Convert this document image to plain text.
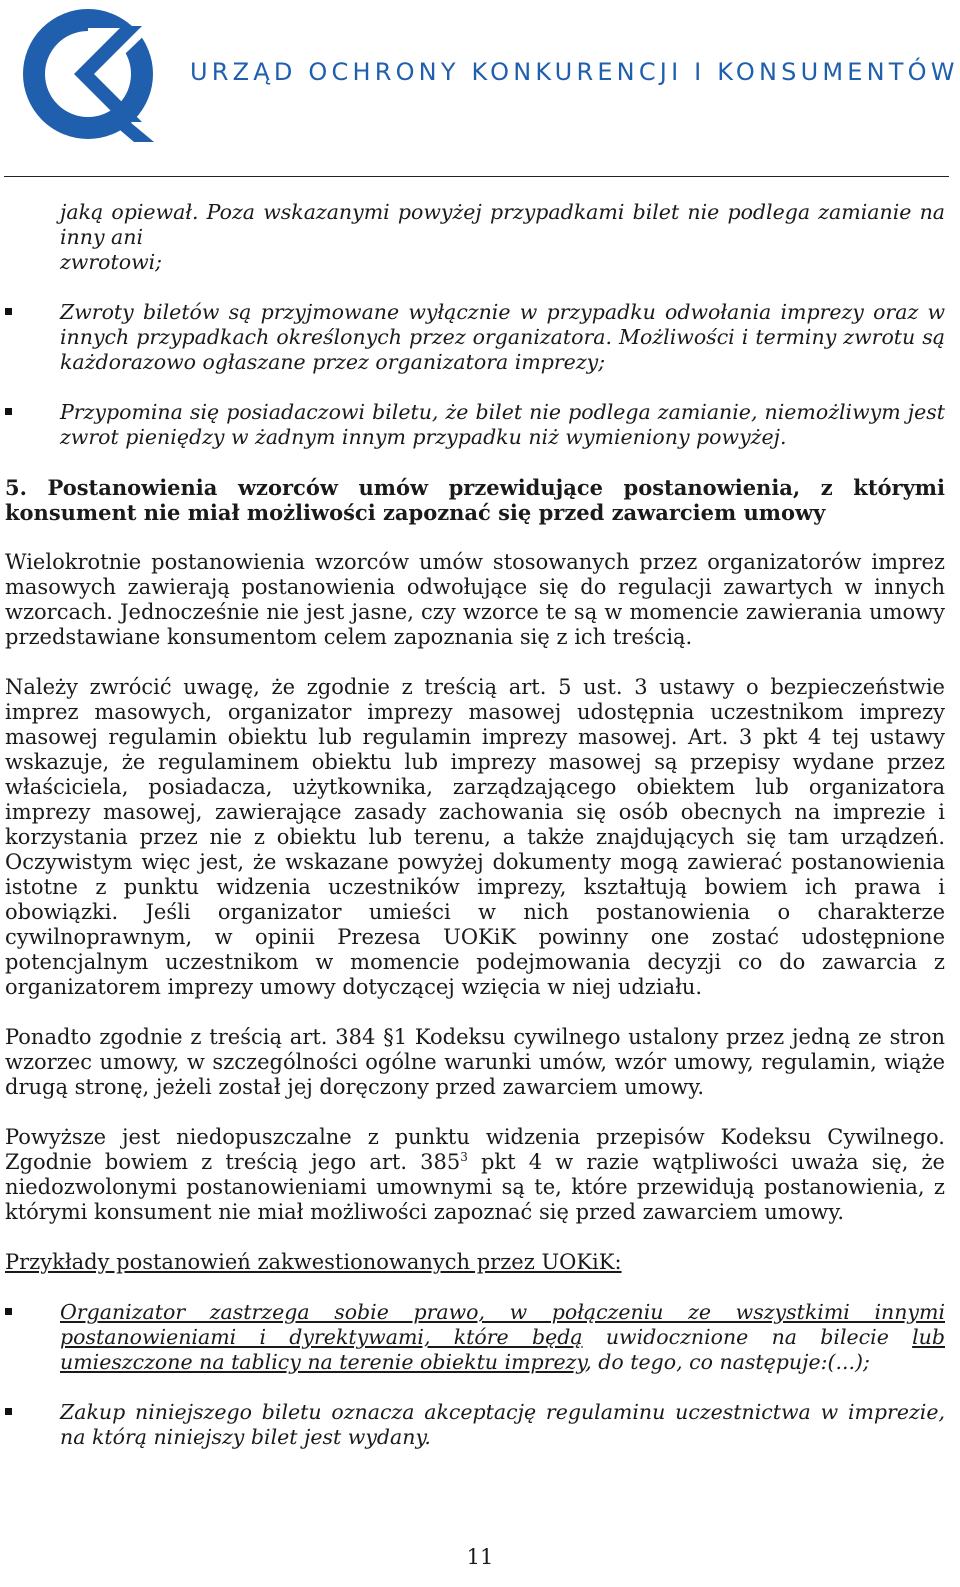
URZĄD OCHRONY KONKURENCJI I KONSUMENTÓW

jaką opiewał. Poza wskazanymi powyżej przypadkami bilet nie podlega zamianie na inny ani
zwrotowi;

Zwroty biletów są przyjmowane wyłącznie w przypadku odwołania imprezy oraz w innych przypadkach określonych przez organizatora. Możliwości i terminy zwrotu są każdorazowo ogłaszane przez organizatora imprezy;

Przypomina się posiadaczowi biletu, że bilet nie podlega zamianie, niemożliwym jest zwrot pieniędzy w żadnym innym przypadku niż wymieniony powyżej.

5. Postanowienia wzorców umów przewidujące postanowienia, z którymi konsument nie miał możliwości zapoznać się przed zawarciem umowy

Wielokrotnie postanowienia wzorców umów stosowanych przez organizatorów imprez masowych zawierają postanowienia odwołujące się do regulacji zawartych w innych wzorcach. Jednocześnie nie jest jasne, czy wzorce te są w momencie zawierania umowy przedstawiane konsumentom celem zapoznania się z ich treścią.

Należy zwrócić uwagę, że zgodnie z treścią art. 5 ust. 3 ustawy o bezpieczeństwie imprez masowych, organizator imprezy masowej udostępnia uczestnikom imprezy masowej regulamin obiektu lub regulamin imprezy masowej. Art. 3 pkt 4 tej ustawy wskazuje, że regulaminem obiektu lub imprezy masowej są przepisy wydane przez właściciela, posiadacza, użytkownika, zarządzającego obiektem lub organizatora imprezy masowej, zawierające zasady zachowania się osób obecnych na imprezie i korzystania przez nie z obiektu lub terenu, a także znajdujących się tam urządzeń. Oczywistym więc jest, że wskazane powyżej dokumenty mogą zawierać postanowienia istotne z punktu widzenia uczestników imprezy, kształtują bowiem ich prawa i obowiązki. Jeśli organizator umieści w nich postanowienia o charakterze cywilnoprawnym, w opinii Prezesa UOKiK powinny one zostać udostępnione potencjalnym uczestnikom w momencie podejmowania decyzji co do zawarcia z organizatorem imprezy umowy dotyczącej wzięcia w niej udziału.

Ponadto zgodnie z treścią art. 384 §1 Kodeksu cywilnego ustalony przez jedną ze stron wzorzec umowy, w szczególności ogólne warunki umów, wzór umowy, regulamin, wiąże drugą stronę, jeżeli został jej doręczony przed zawarciem umowy.

Powyższe jest niedopuszczalne z punktu widzenia przepisów Kodeksu Cywilnego. Zgodnie bowiem z treścią jego art. $385^3$ pkt 4 w razie wątpliwości uważa się, że niedozwolonymi postanowieniami umownymi są te, które przewidują postanowienia, z którymi konsument nie miał możliwości zapoznać się przed zawarciem umowy.

Przykłady postanowień zakwestionowanych przez UOKiK:

Organizator zastrzega sobie prawo, w połączeniu ze wszystkimi innymi postanowieniami i dyrektywami, które będą uwidocznione na bilecie lub umieszczone na tablicy na terenie obiektu imprezy, do tego, co następuje:(...);

Zakup niniejszego biletu oznacza akceptację regulaminu uczestnictwa w imprezie, na którą niniejszy bilet jest wydany.

11
